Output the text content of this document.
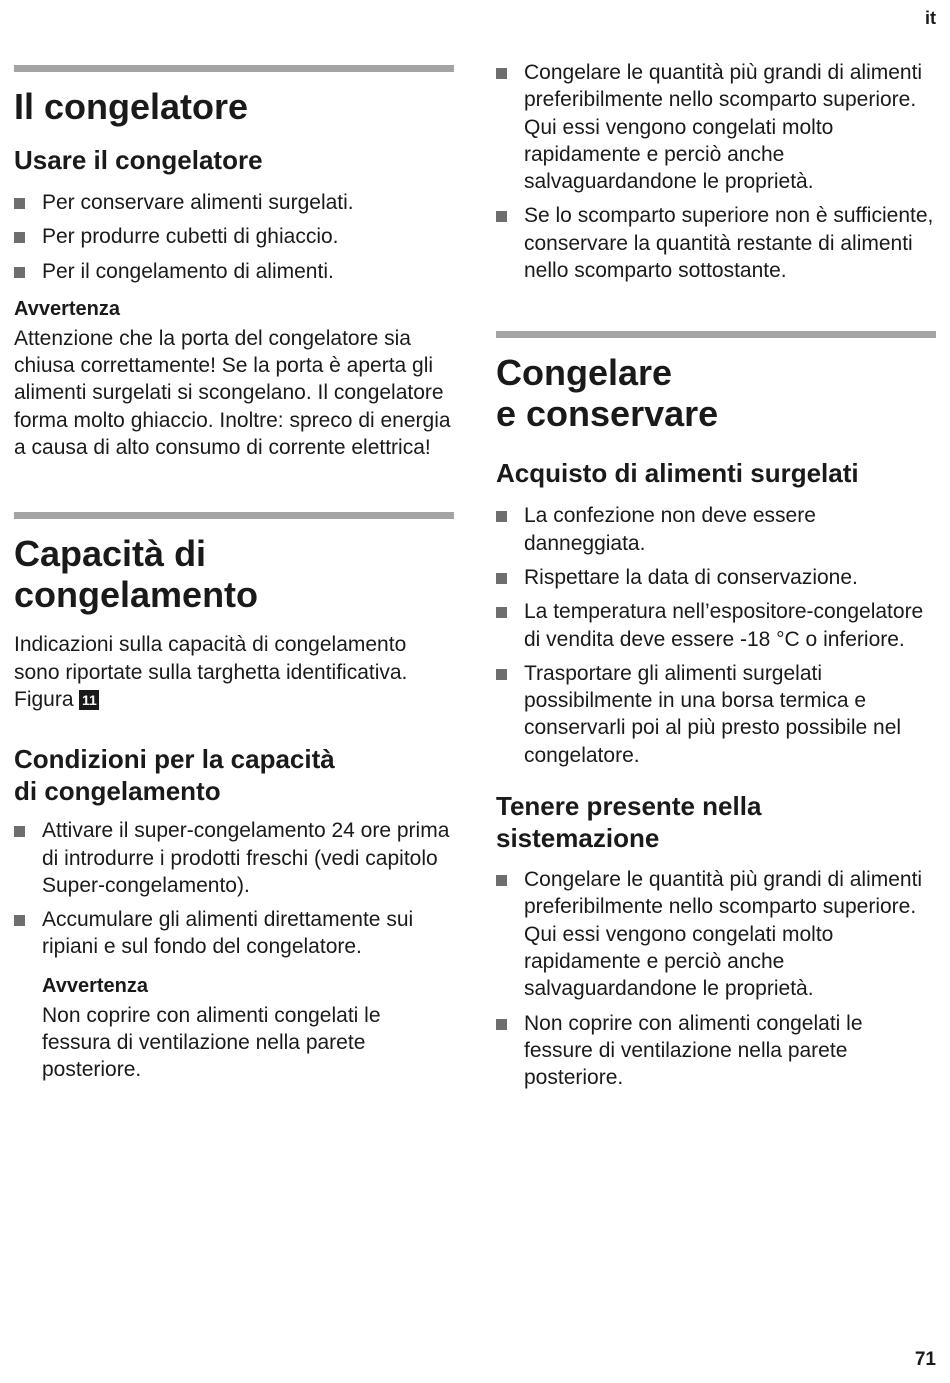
it
Il congelatore
Usare il congelatore
Per conservare alimenti surgelati.
Per produrre cubetti di ghiaccio.
Per il congelamento di alimenti.
Avvertenza

Attenzione che la porta del congelatore sia chiusa correttamente! Se la porta è aperta gli alimenti surgelati si scongelano. Il congelatore forma molto ghiaccio. Inoltre: spreco di energia a causa di alto consumo di corrente elettrica!

Capacità di
congelamento

Indicazioni sulla capacità di congelamento sono riportate sulla targhetta identificativa. Figura 11

Condizioni per la capacità
di congelamento
Attivare il super-congelamento 24 ore prima di introdurre i prodotti freschi (vedi capitolo Super-congelamento).
Accumulare gli alimenti direttamente sui ripiani e sul fondo del congelatore.
Avvertenza

Non coprire con alimenti congelati le fessura di ventilazione nella parete posteriore.

Congelare le quantità più grandi di alimenti preferibilmente nello scomparto superiore. Qui essi vengono congelati molto rapidamente e perciò anche salvaguardandone le proprietà.
Se lo scomparto superiore non è sufficiente, conservare la quantità restante di alimenti nello scomparto sottostante.
Congelare
e conservare
Acquisto di alimenti surgelati
La confezione non deve essere danneggiata.
Rispettare la data di conservazione.
La temperatura nell’espositore-congelatore di vendita deve essere -18 °C o inferiore.
Trasportare gli alimenti surgelati possibilmente in una borsa termica e conservarli poi al più presto possibile nel congelatore.
Tenere presente nella
sistemazione
Congelare le quantità più grandi di alimenti preferibilmente nello scomparto superiore. Qui essi vengono congelati molto rapidamente e perciò anche salvaguardandone le proprietà.
Non coprire con alimenti congelati le fessure di ventilazione nella parete posteriore.
71
